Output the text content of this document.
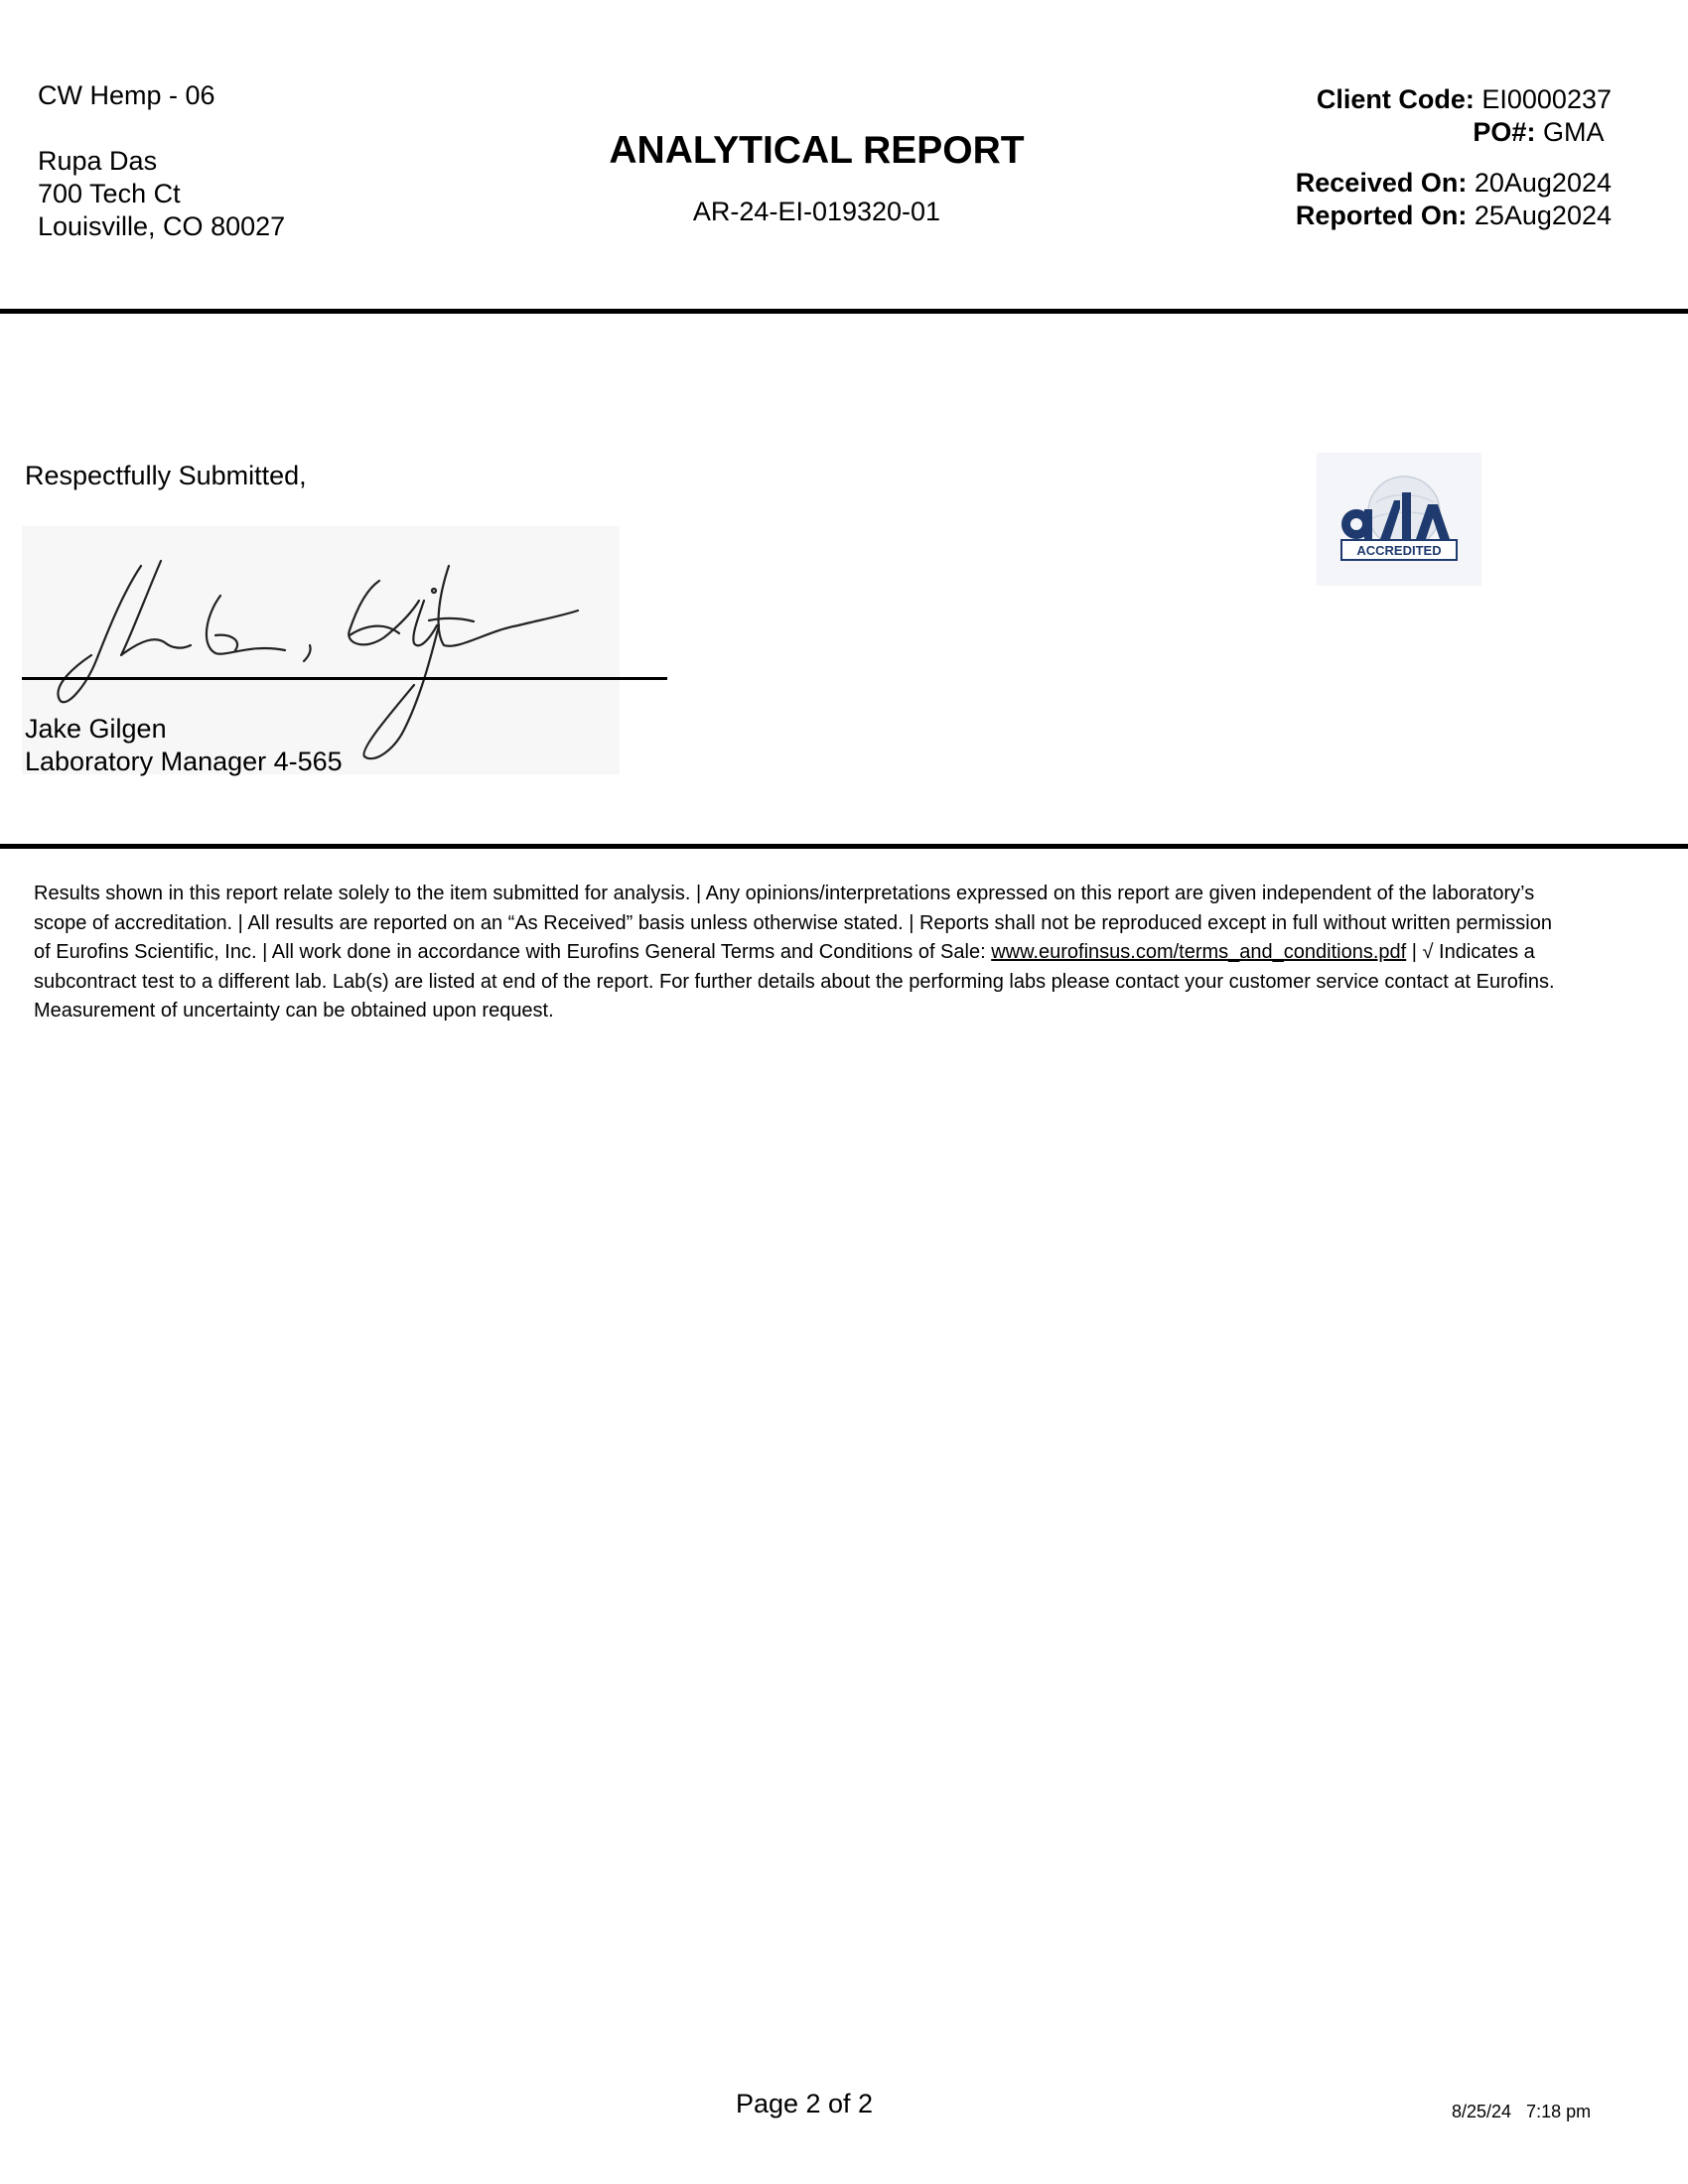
CW Hemp - 06
Rupa Das
700 Tech Ct
Louisville, CO 80027
ANALYTICAL REPORT
AR-24-EI-019320-01
Client Code: EI0000237
PO#: GMA
Received On: 20Aug2024
Reported On: 25Aug2024
Respectfully Submitted,
Jake Gilgen
Laboratory Manager 4-565
ACCREDITED
Results shown in this report relate solely to the item submitted for analysis. | Any opinions/interpretations expressed on this report are given independent of the laboratory’s scope of accreditation. | All results are reported on an “As Received” basis unless otherwise stated. | Reports shall not be reproduced except in full without written permission of Eurofins Scientific, Inc. | All work done in accordance with Eurofins General Terms and Conditions of Sale: www.eurofinsus.com/terms_and_conditions.pdf | √ Indicates a subcontract test to a different lab. Lab(s) are listed at end of the report. For further details about the performing labs please contact your customer service contact at Eurofins. Measurement of uncertainty can be obtained upon request.
Page 2 of 2	8/25/24   7:18 pm
